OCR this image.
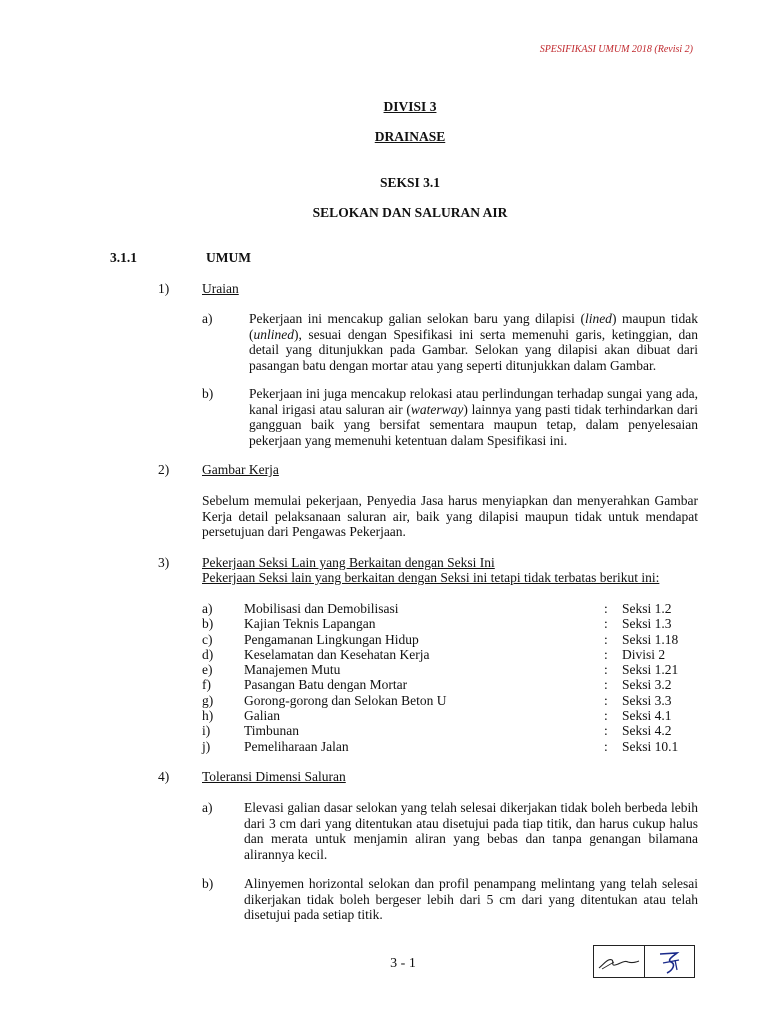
SPESIFIKASI UMUM 2018 (Revisi 2)
DIVISI 3
DRAINASE
SEKSI 3.1
SELOKAN DAN SALURAN AIR
3.1.1	UMUM
1) Uraian
a)	Pekerjaan ini mencakup galian selokan baru yang dilapisi (lined) maupun tidak (unlined), sesuai dengan Spesifikasi ini serta memenuhi garis, ketinggian, dan detail yang ditunjukkan pada Gambar. Selokan yang dilapisi akan dibuat dari pasangan batu dengan mortar atau yang seperti ditunjukkan dalam Gambar.
b)	Pekerjaan ini juga mencakup relokasi atau perlindungan terhadap sungai yang ada, kanal irigasi atau saluran air (waterway) lainnya yang pasti tidak terhindarkan dari gangguan baik yang bersifat sementara maupun tetap, dalam penyelesaian pekerjaan yang memenuhi ketentuan dalam Spesifikasi ini.
2) Gambar Kerja
Sebelum memulai pekerjaan, Penyedia Jasa harus menyiapkan dan menyerahkan Gambar Kerja detail pelaksanaan saluran air, baik yang dilapisi maupun tidak untuk mendapat persetujuan dari Pengawas Pekerjaan.
3) Pekerjaan Seksi Lain yang Berkaitan dengan Seksi Ini
Pekerjaan Seksi lain yang berkaitan dengan Seksi ini tetapi tidak terbatas berikut ini:
a) Mobilisasi dan Demobilisasi	: Seksi 1.2
b) Kajian Teknis Lapangan	: Seksi 1.3
c) Pengamanan Lingkungan Hidup	: Seksi 1.18
d) Keselamatan dan Kesehatan Kerja	: Divisi 2
e) Manajemen Mutu	: Seksi 1.21
f) Pasangan Batu dengan Mortar	: Seksi 3.2
g) Gorong-gorong dan Selokan Beton U	: Seksi 3.3
h) Galian	: Seksi 4.1
i)	Timbunan	: Seksi 4.2
j)	Pemeliharaan Jalan	: Seksi 10.1
4) Toleransi Dimensi Saluran
a) Elevasi galian dasar selokan yang telah selesai dikerjakan tidak boleh berbeda lebih dari 3 cm dari yang ditentukan atau disetujui pada tiap titik, dan harus cukup halus dan merata untuk menjamin aliran yang bebas dan tanpa genangan bilamana alirannya kecil.
b) Alinyemen horizontal selokan dan profil penampang melintang yang telah selesai dikerjakan tidak boleh bergeser lebih dari 5 cm dari yang ditentukan atau telah disetujui pada setiap titik.
3 - 1
